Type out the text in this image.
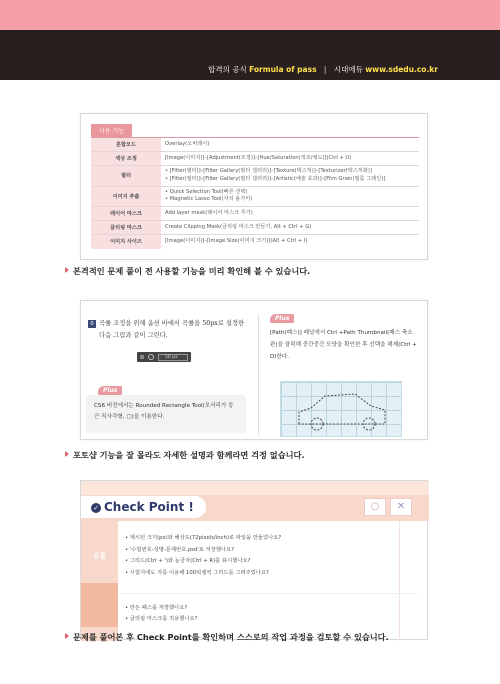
합격의 공식 Formula of pass | 시대에듀 www.sdedu.co.kr
사용 기능
혼합모드	Overlay(오버레이)
색상 조정	[Image(이미지)]–[Adjustment(조정)]–[Hue/Saturation(색조/채도)](Ctrl + U)
필터	• [Filter(필터)]–[Filter Gallery(필터 갤러리)]–[Texture(텍스처)]–[Texturizer(텍스처화)]
• [Filter(필터)]–[Filter Gallery(필터 갤러리)]–[Artistic(예술 효과)]–[Film Grain(필름 그레인)]
이미지 추출	• Quick Selection Tool(빠른 선택)
• Magnetic Lasso Tool(자석 올가미)
레이어 마스크	Add layer mask(레이어 마스크 추가)
클리핑 마스크	Create Clipping Mask(클리핑 마스크 만들기, Alt + Ctrl + G)
이미지 사이즈	[Image(이미지)]–[Image Size(이미지 크기)](Alt + Ctrl + I)
본격적인 문제 풀이 전 사용할 기능을 미리 확인해 볼 수 있습니다.
0 곡률 조정을 위해 옵션 바에서 곡률을 50px로 설정한 다음 그림과 같이 그린다.
50 px
Plus
CS6 버전에서는 Rounded Rectangle Tool(모서리가 둥근 직사각형, ▢)을 이용한다.
Plus
[Path(패스)] 패널에서 Ctrl +Path Thumbnail(패스 축소판)을 클릭해 중간중간 모양을 확인한 후 선택을 해제(Ctrl + D)한다.
포토샵 기능을 잘 몰라도 자세한 설명과 함께라면 걱정 없습니다.
✓ Check Point !	○	✕
공통
문제1번
• 제시된 크기(px)와 해상도(72pixels/inch)로 파일을 만들었나요?
• '수험번호-성명-문제번호.psd'로 저장했나요?
• 그리드(Ctrl + ')와 눈금자(Ctrl + R)를 표시했나요?
• 시험지에도 자를 이용해 100픽셀씩 그리드를 그려주었나요?
• 만든 패스를 저장했나요?
• 클리핑 마스크를 적용했나요?
문제를 풀어본 후 Check Point를 확인하며 스스로의 작업 과정을 검토할 수 있습니다.
